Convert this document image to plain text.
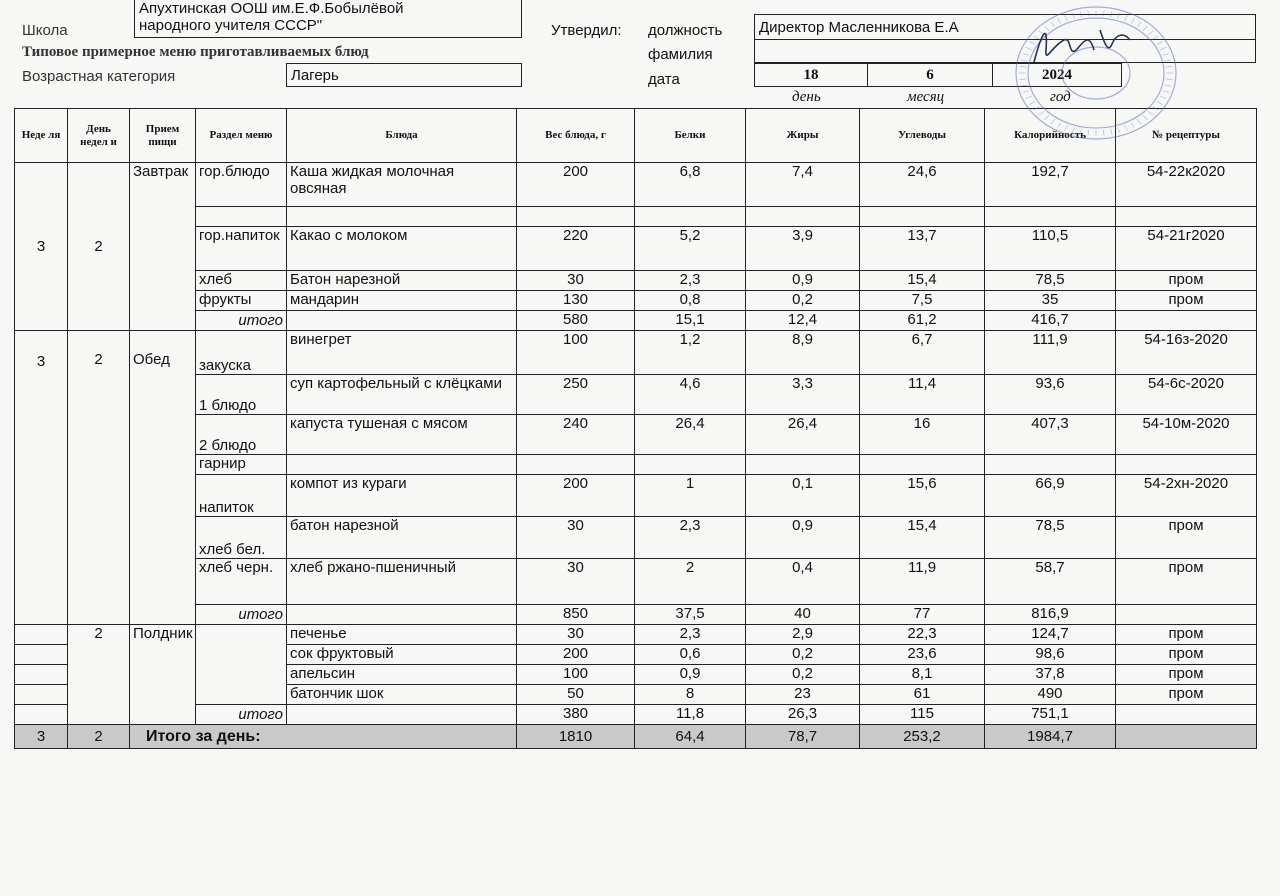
Школа
Апухтинская ООШ им.Е.Ф.Бобылёвой
народного учителя СССР"	Утвердил: должность
фамилия
дата
Директор Масленникова Е.А
Типовое примерное меню приготавливаемых блюд
Возрастная категория	Лагерь	18	6	2024
день	месяц	год
Неде ля	День недел и	Прием пищи	Раздел меню	Блюда	Вес блюда, г	Белки	Жиры	Углеводы	Калорийность	№ рецептуры
3	2	Завтрак	гор.блюдо	Каша жидкая молочная овсяная	200	6,8	7,4	24,6	192,7	54-22к2020

			гор.напиток	Какао с молоком	220	5,2	3,9	13,7	110,5	54-21г2020
			хлеб	Батон нарезной	30	2,3	0,9	15,4	78,5	пром
			фрукты	мандарин	130	0,8	0,2	7,5	35	пром
			итого		580	15,1	12,4	61,2	416,7	
3	2	Обед	закуска	винегрет	100	1,2	8,9	6,7	111,9	54-16з-2020
			1 блюдо	суп картофельный с клёцками	250	4,6	3,3	11,4	93,6	54-6с-2020
			2 блюдо	капуста тушеная с мясом	240	26,4	26,4	16	407,3	54-10м-2020
			гарнир							
			напиток	компот из кураги	200	1	0,1	15,6	66,9	54-2хн-2020
			хлеб бел.	батон нарезной	30	2,3	0,9	15,4	78,5	пром
			хлеб черн.	хлеб ржано-пшеничный	30	2	0,4	11,9	58,7	пром
			итого		850	37,5	40	77	816,9	
	2	Полдник		печенье	30	2,3	2,9	22,3	124,7	пром
				сок фруктовый	200	0,6	0,2	23,6	98,6	пром
				апельсин	100	0,9	0,2	8,1	37,8	пром
				батончик шок	50	8	23	61	490	пром
			итого		380	11,8	26,3	115	751,1	
3	2	Итого за день:			1810	64,4	78,7	253,2	1984,7	
